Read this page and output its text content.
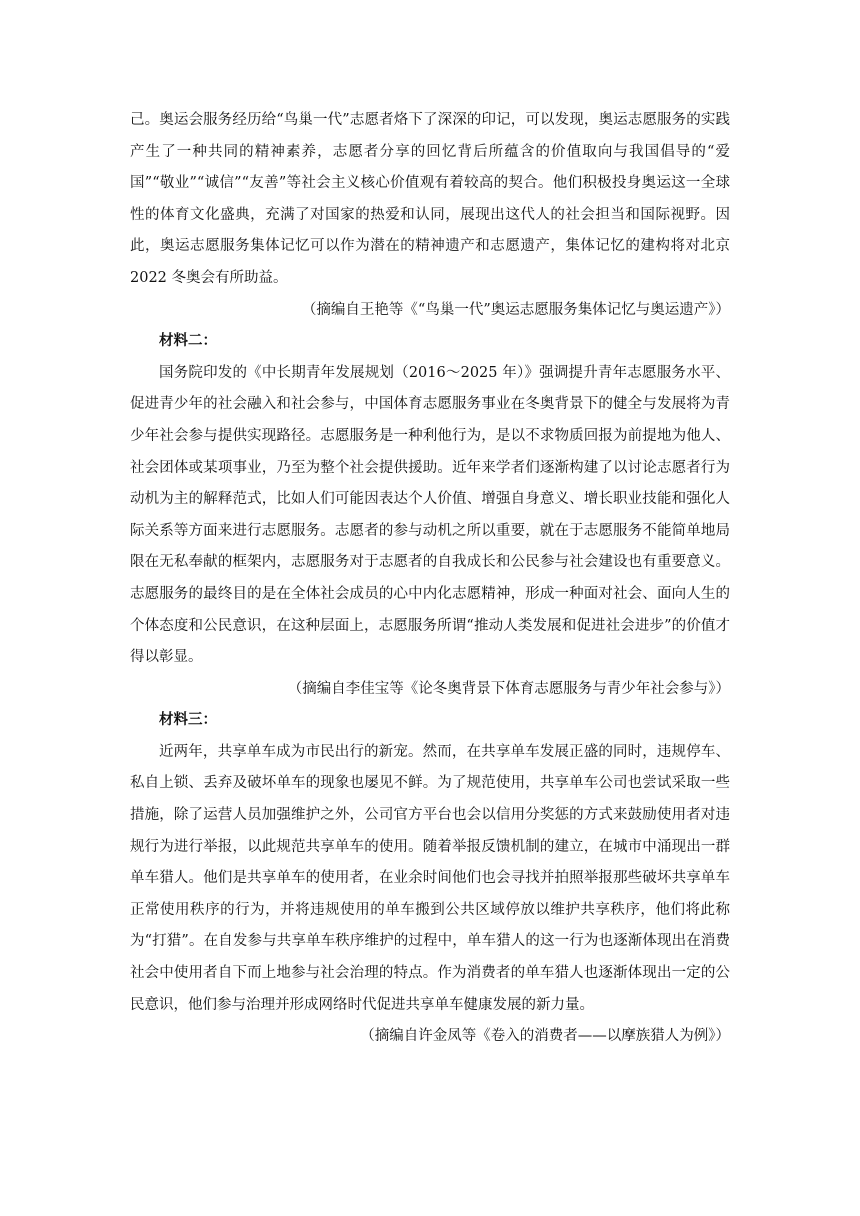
己。奥运会服务经历给“鸟巢一代”志愿者烙下了深深的印记，可以发现，奥运志愿服务的实践产生了一种共同的精神素养，志愿者分享的回忆背后所蕴含的价值取向与我国倡导的“爱国”“敬业”“诚信”“友善”等社会主义核心价值观有着较高的契合。他们积极投身奥运这一全球性的体育文化盛典，充满了对国家的热爱和认同，展现出这代人的社会担当和国际视野。因此，奥运志愿服务集体记忆可以作为潜在的精神遗产和志愿遗产，集体记忆的建构将对北京 2022 冬奥会有所助益。

（摘编自王艳等《“鸟巢一代”奥运志愿服务集体记忆与奥运遗产》）

材料二：

国务院印发的《中长期青年发展规划（2016～2025 年）》强调提升青年志愿服务水平、促进青少年的社会融入和社会参与，中国体育志愿服务事业在冬奥背景下的健全与发展将为青少年社会参与提供实现路径。志愿服务是一种利他行为，是以不求物质回报为前提地为他人、社会团体或某项事业，乃至为整个社会提供援助。近年来学者们逐渐构建了以讨论志愿者行为动机为主的解释范式，比如人们可能因表达个人价值、增强自身意义、增长职业技能和强化人际关系等方面来进行志愿服务。志愿者的参与动机之所以重要，就在于志愿服务不能简单地局限在无私奉献的框架内，志愿服务对于志愿者的自我成长和公民参与社会建设也有重要意义。志愿服务的最终目的是在全体社会成员的心中内化志愿精神，形成一种面对社会、面向人生的个体态度和公民意识，在这种层面上，志愿服务所谓“推动人类发展和促进社会进步”的价值才得以彰显。

（摘编自李佳宝等《论冬奥背景下体育志愿服务与青少年社会参与》）

材料三：

近两年，共享单车成为市民出行的新宠。然而，在共享单车发展正盛的同时，违规停车、私自上锁、丢弃及破坏单车的现象也屡见不鲜。为了规范使用，共享单车公司也尝试采取一些措施，除了运营人员加强维护之外，公司官方平台也会以信用分奖惩的方式来鼓励使用者对违规行为进行举报，以此规范共享单车的使用。随着举报反馈机制的建立，在城市中涌现出一群单车猎人。他们是共享单车的使用者，在业余时间他们也会寻找并拍照举报那些破坏共享单车正常使用秩序的行为，并将违规使用的单车搬到公共区域停放以维护共享秩序，他们将此称为“打猎”。在自发参与共享单车秩序维护的过程中，单车猎人的这一行为也逐渐体现出在消费社会中使用者自下而上地参与社会治理的特点。作为消费者的单车猎人也逐渐体现出一定的公民意识，他们参与治理并形成网络时代促进共享单车健康发展的新力量。

（摘编自许金凤等《卷入的消费者——以摩族猎人为例》）
